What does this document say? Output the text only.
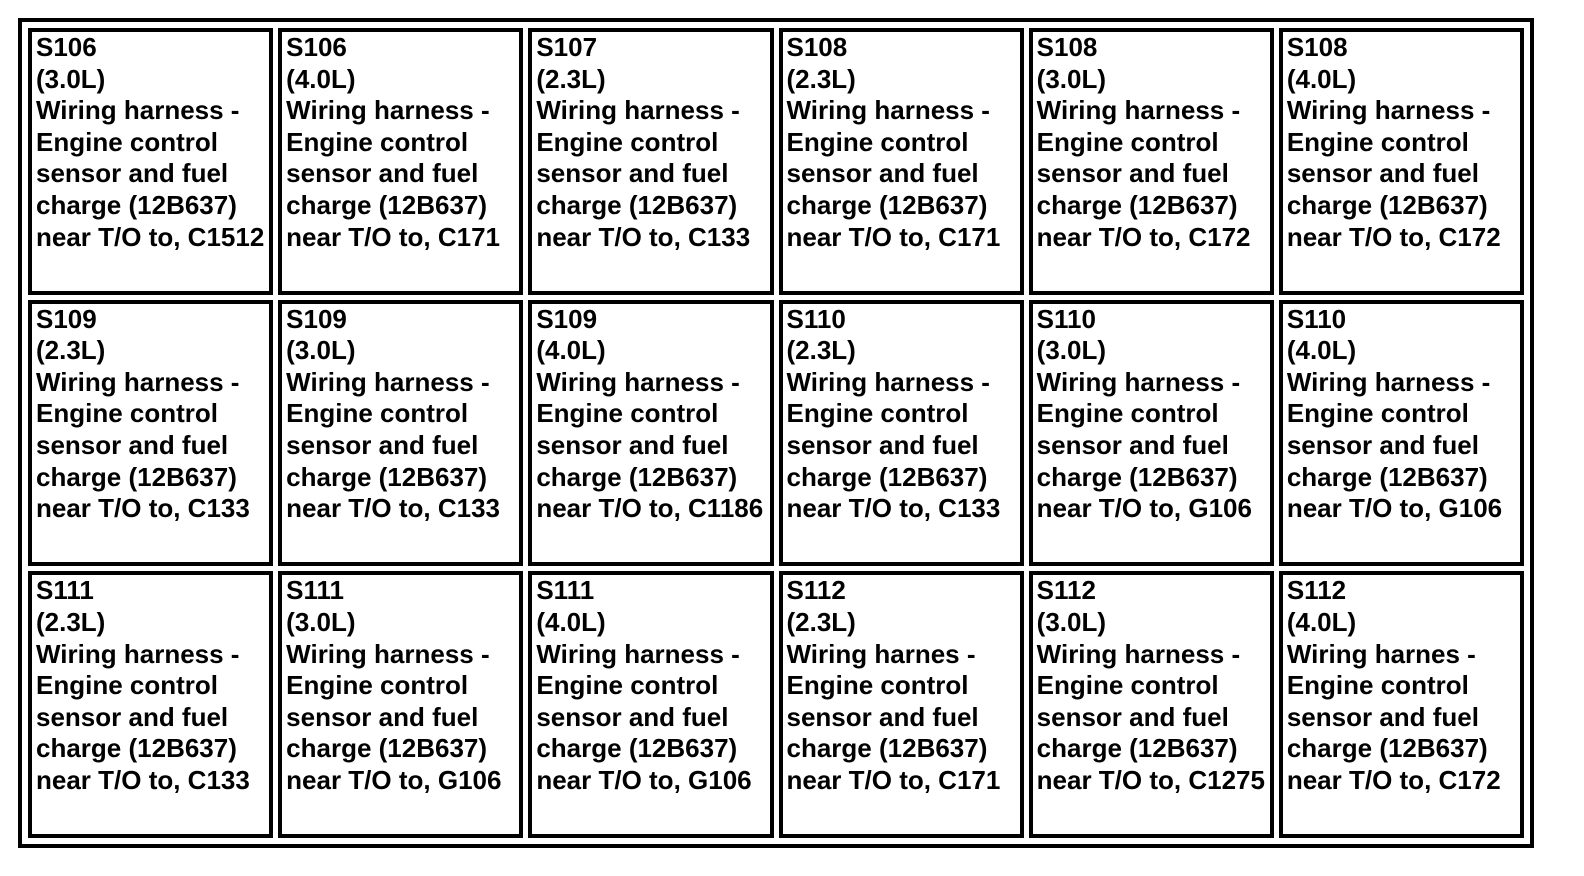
S106
(3.0L)
Wiring harness - Engine control sensor and fuel charge (12B637) near T/O to, C1512

S106
(4.0L)
Wiring harness - Engine control sensor and fuel charge (12B637) near T/O to, C171

S107
(2.3L)
Wiring harness - Engine control sensor and fuel charge (12B637) near T/O to, C133

S108
(2.3L)
Wiring harness - Engine control sensor and fuel charge (12B637) near T/O to, C171

S108
(3.0L)
Wiring harness - Engine control sensor and fuel charge (12B637) near T/O to, C172

S108
(4.0L)
Wiring harness - Engine control sensor and fuel charge (12B637) near T/O to, C172

S109
(2.3L)
Wiring harness - Engine control sensor and fuel charge (12B637) near T/O to, C133

S109
(3.0L)
Wiring harness - Engine control sensor and fuel charge (12B637) near T/O to, C133

S109
(4.0L)
Wiring harness - Engine control sensor and fuel charge (12B637) near T/O to, C1186

S110
(2.3L)
Wiring harness - Engine control sensor and fuel charge (12B637) near T/O to, C133

S110
(3.0L)
Wiring harness - Engine control sensor and fuel charge (12B637) near T/O to, G106

S110
(4.0L)
Wiring harness - Engine control sensor and fuel charge (12B637) near T/O to, G106

S111
(2.3L)
Wiring harness - Engine control sensor and fuel charge (12B637) near T/O to, C133

S111
(3.0L)
Wiring harness - Engine control sensor and fuel charge (12B637) near T/O to, G106

S111
(4.0L)
Wiring harness - Engine control sensor and fuel charge (12B637) near T/O to, G106

S112
(2.3L)
Wiring harnes - Engine control sensor and fuel charge (12B637) near T/O to, C171

S112
(3.0L)
Wiring harness - Engine control sensor and fuel charge (12B637) near T/O to, C1275

S112
(4.0L)
Wiring harnes - Engine control sensor and fuel charge (12B637) near T/O to, C172
